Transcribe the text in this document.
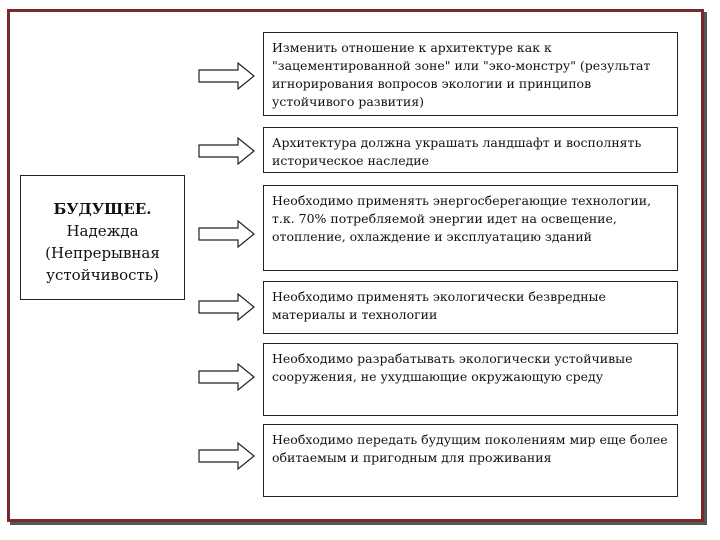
БУДУЩЕЕ.
Надежда
(Непрерывная
устойчивость)
Изменить отношение к архитектуре как к "зацементированной зоне" или "эко-монстру" (результат игнорирования вопросов экологии и принципов устойчивого развития)
Архитектура должна украшать ландшафт и восполнять историческое наследие
Необходимо применять энергосберегающие технологии, т.к. 70% потребляемой энергии идет на освещение, отопление, охлаждение и эксплуатацию зданий
Необходимо применять экологически безвредные материалы и технологии
Необходимо разрабатывать экологически устойчивые сооружения, не ухудшающие окружающую среду
Необходимо передать будущим поколениям мир еще более обитаемым и пригодным для проживания
